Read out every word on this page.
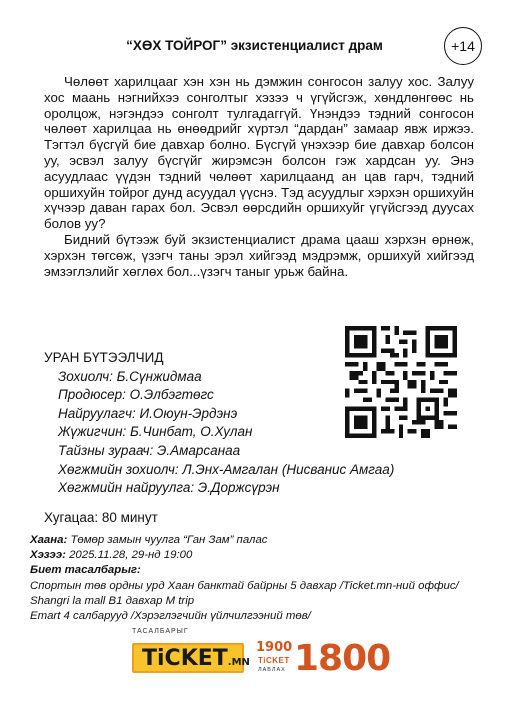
“ХӨХ ТОЙРОГ” экзистенциалист драм	+14

Чөлөөт харилцааг хэн хэн нь дэмжин сонгосон залуу хос. Залуу хос маань нэгнийхээ сонголтыг хэзээ ч үгүйсгэж, хөндлөнгөөс нь оролцож, нэгэндээ сонголт тулгадаггүй. Үнэндээ тэдний сонгосон чөлөөт харилцаа нь өнөөдрийг хүртэл “дардан” замаар явж иржээ. Тэгтэл бүсгүй бие давхар болно. Бүсгүй үнэхээр бие давхар болсон уу, эсвэл залуу бүсгүйг жирэмсэн болсон гэж хардсан уу. Энэ асуудлаас үүдэн тэдний чөлөөт харилцаанд ан цав гарч, тэдний оршихуйн тойрог дунд асуудал үүснэ. Тэд асуудлыг хэрхэн оршихуйн хүчээр даван гарах бол. Эсвэл өөрсдийн оршихуйг үгүйсгээд дуусах болов уу?

Бидний бүтээж буй экзистенциалист драма цааш хэрхэн өрнөж, хэрхэн төгсөж, үзэгч таны эрэл хийгээд мэдрэмж, оршихуй хийгээд эмзэглэлийг хөглөх бол...үзэгч таныг урьж байна.

УРАН БҮТЭЭЛЧИД
Зохиолч: Б.Сүнжидмаа
Продюсер: О.Элбэгтөгс
Найруулагч: И.Оюун-Эрдэнэ
Жүжигчин: Б.Чинбат, О.Хулан
Тайзны зураач: Э.Амарсанаа
Хөгжмийн зохиолч: Л.Энх-Амгалан (Нисванис Амгаа)
Хөгжмийн найруулга: Э.Доржсүрэн
Хугацаа: 80 минут
Хаана: Төмөр замын чуулга “Ган Зам” палас
Хэзээ: 2025.11.28, 29-нд 19:00
Биет тасалбарыг:
Спортын төв ордны урд Хаан банктай байрны 5 давхар /Ticket.mn-ний оффис/
Shangri la mall B1 давхар M trip
Emart 4 салбарууд /Хэрэглэгчийн үйлчилгээний төв/
ТАСАЛБАРЫГ
TiCKET.MN
1900
TiCKET
ЛАВЛАХ 1800
